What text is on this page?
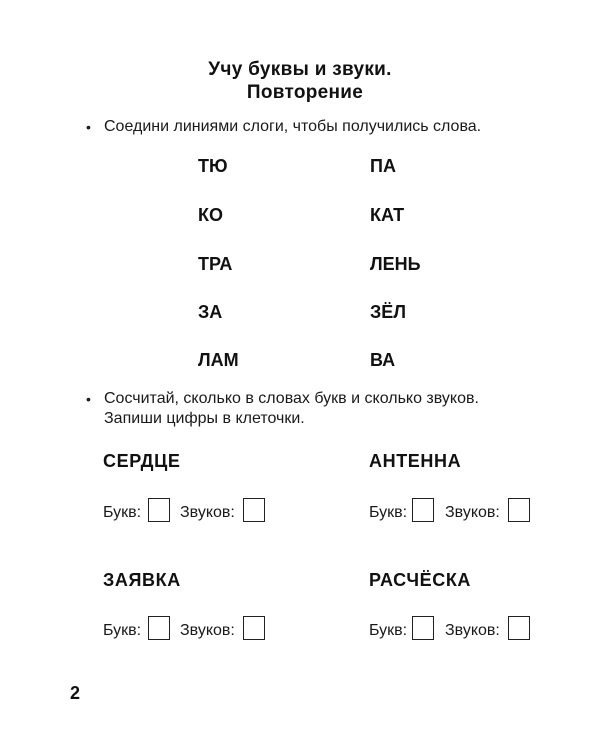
Учу буквы и звуки.
Повторение
• Соедини линиями слоги, чтобы получились слова.
ТЮ
КО
ТРА
ЗА
ЛАМ
ПА
КАТ
ЛЕНЬ
ЗЁЛ
ВА
• Сосчитай, сколько в словах букв и сколько звуков.
Запиши цифры в клеточки.
СЕРДЦЕ
Букв: Звуков:
АНТЕННА
Букв: Звуков:
ЗАЯВКА
Букв: Звуков:
РАСЧЁСКА
Букв: Звуков:
2
